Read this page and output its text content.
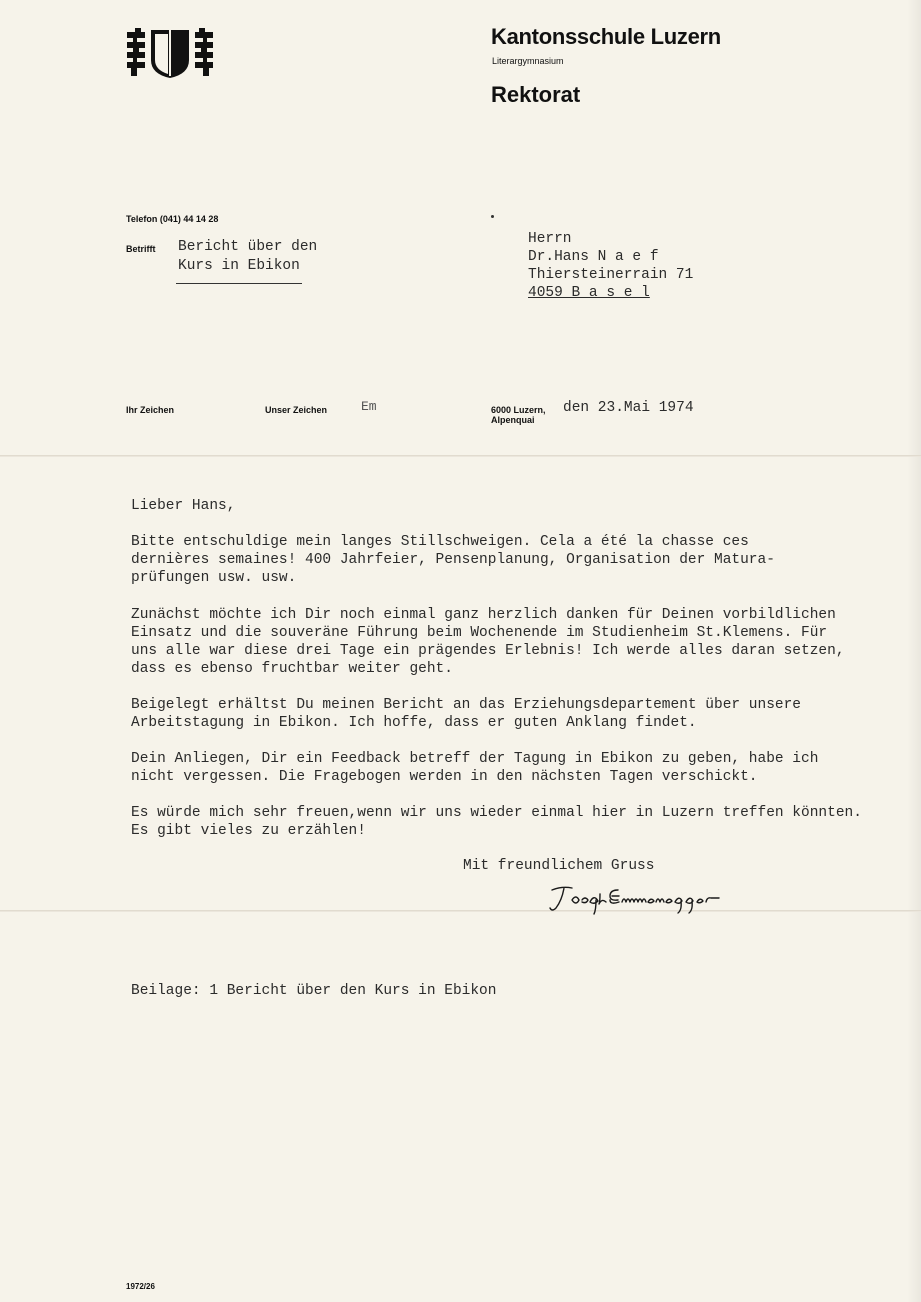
Kantonsschule Luzern
Literargymnasium
Rektorat
Telefon (041) 44 14 28
Betrifft Bericht über den
Kurs in Ebikon
Herrn
Dr.Hans N a e f
Thiersteinerrain 71
4059 B a s e l
Ihr Zeichen	Unser Zeichen	Em	6000 Luzern,
Alpenquai
den 23.Mai 1974
Lieber Hans,
Bitte entschuldige mein langes Stillschweigen. Cela a été la chasse ces
dernières semaines! 400 Jahrfeier, Pensenplanung, Organisation der Matura-
prüfungen usw. usw.
Zunächst möchte ich Dir noch einmal ganz herzlich danken für Deinen vorbildlichen
Einsatz und die souveräne Führung beim Wochenende im Studienheim St.Klemens. Für
uns alle war diese drei Tage ein prägendes Erlebnis! Ich werde alles daran setzen,
dass es ebenso fruchtbar weiter geht.
Beigelegt erhältst Du meinen Bericht an das Erziehungsdepartement über unsere
Arbeitstagung in Ebikon. Ich hoffe, dass er guten Anklang findet.
Dein Anliegen, Dir ein Feedback betreff der Tagung in Ebikon zu geben, habe ich
nicht vergessen. Die Fragebogen werden in den nächsten Tagen verschickt.
Es würde mich sehr freuen,wenn wir uns wieder einmal hier in Luzern treffen könnten.
Es gibt vieles zu erzählen!
Mit freundlichem Gruss
Beilage: 1 Bericht über den Kurs in Ebikon
1972/26
